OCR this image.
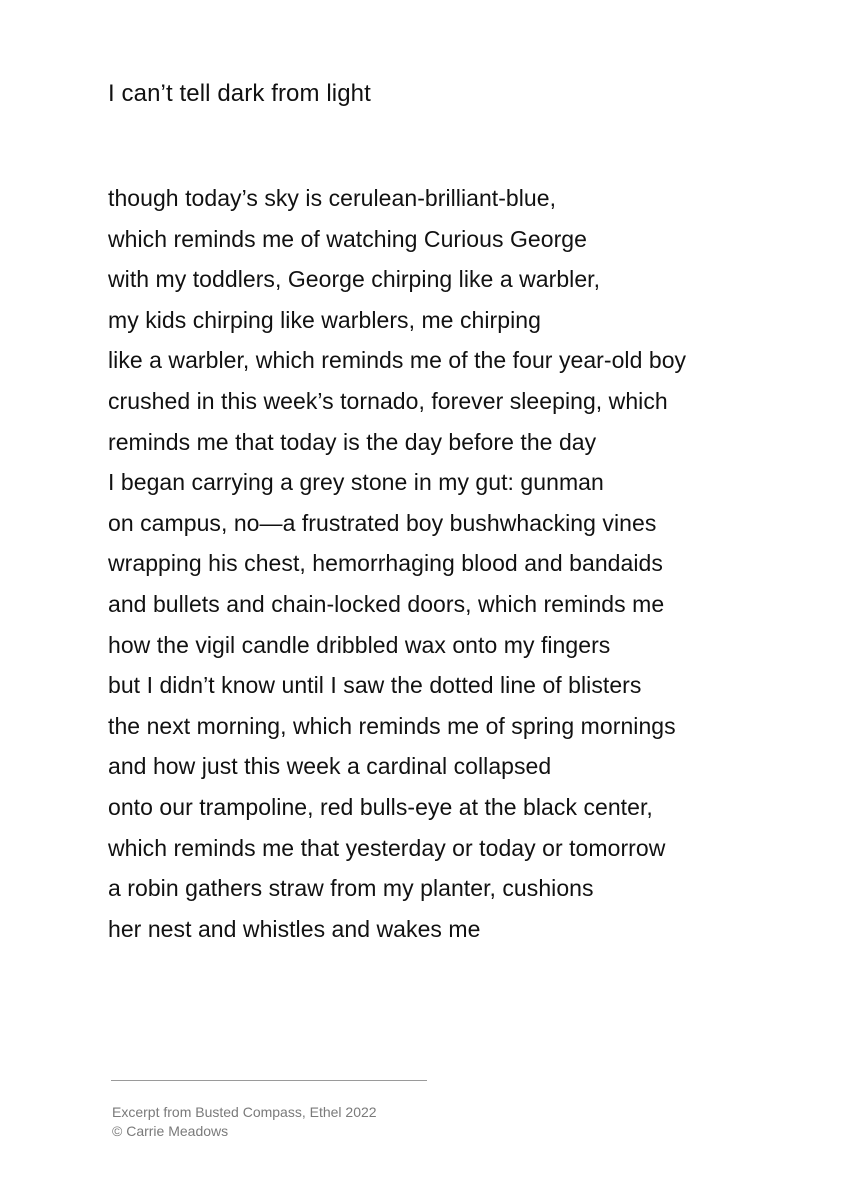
I can’t tell dark from light
though today’s sky is cerulean-brilliant-blue,
which reminds me of watching Curious George
with my toddlers, George chirping like a warbler,
my kids chirping like warblers, me chirping
like a warbler, which reminds me of the four year-old boy
crushed in this week’s tornado, forever sleeping, which
reminds me that today is the day before the day
I began carrying a grey stone in my gut: gunman
on campus, no—a frustrated boy bushwhacking vines
wrapping his chest, hemorrhaging blood and bandaids
and bullets and chain-locked doors, which reminds me
how the vigil candle dribbled wax onto my fingers
but I didn’t know until I saw the dotted line of blisters
the next morning, which reminds me of spring mornings
and how just this week a cardinal collapsed
onto our trampoline, red bulls-eye at the black center,
which reminds me that yesterday or today or tomorrow
a robin gathers straw from my planter, cushions
her nest and whistles and wakes me
Excerpt from Busted Compass, Ethel 2022
© Carrie Meadows
